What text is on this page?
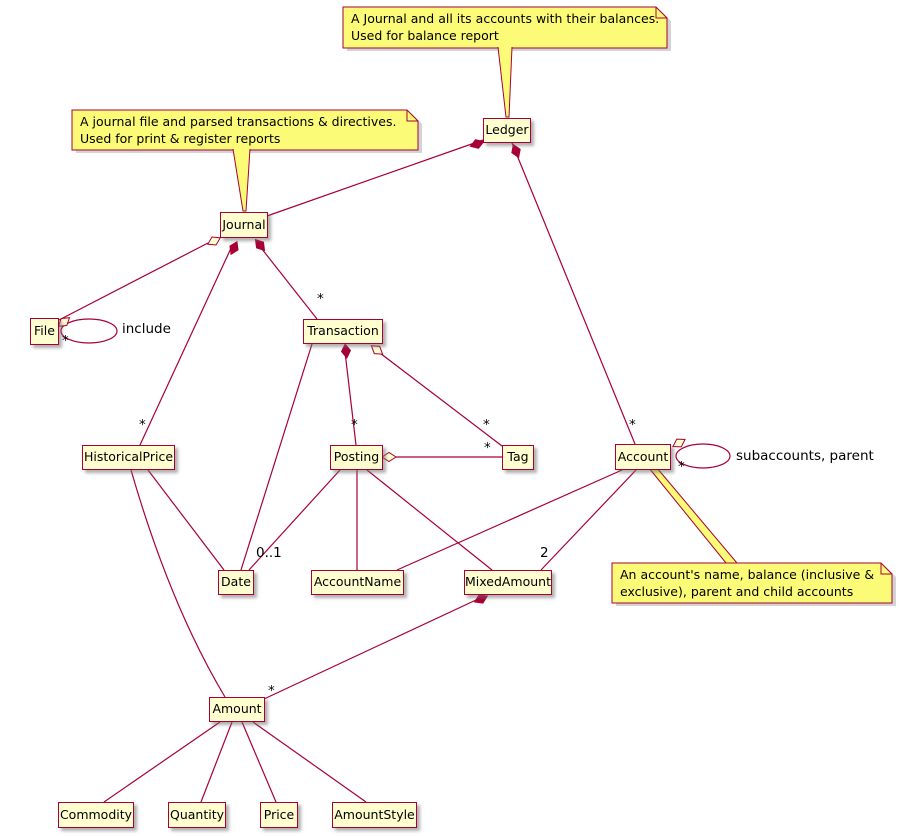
Ledger
Journal
File	Transaction
HistoricalPrice	Posting	Tag	Account
Date	AccountName	MixedAmount
Amount
Commodity	Quantity	Price	AmountStyle
A Journal and all its accounts with their balances.
Used for balance report
A journal file and parsed transactions & directives.
Used for print & register reports
An account's name, balance (inclusive &
exclusive), parent and child accounts
include
subaccounts, parent
*
*
*	*	*
*
*
*
0..1	2
*
